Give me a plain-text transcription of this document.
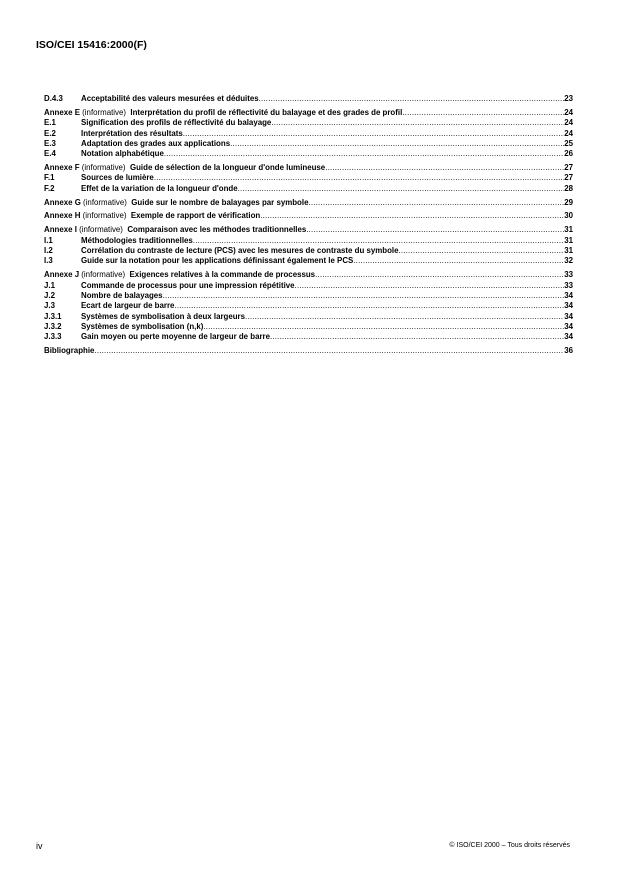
ISO/CEI 15416:2000(F)
D.4.3	Acceptabilité des valeurs mesurées et déduites .....	23
Annexe E (informative) Interprétation du profil de réflectivité du balayage et des grades de profil .....	24
E.1	Signification des profils de réflectivité du balayage .....	24
E.2	Interprétation des résultats .....	24
E.3	Adaptation des grades aux applications .....	25
E.4	Notation alphabétique .....	26
Annexe F (informative) Guide de sélection de la longueur d'onde lumineuse .....	27
F.1	Sources de lumière .....	27
F.2	Effet de la variation de la longueur d'onde .....	28
Annexe G (informative) Guide sur le nombre de balayages par symbole .....	29
Annexe H (informative) Exemple de rapport de vérification .....	30
Annexe I (informative) Comparaison avec les méthodes traditionnelles .....	31
I.1	Méthodologies traditionnelles .....	31
I.2	Corrélation du contraste de lecture (PCS) avec les mesures de contraste du symbole .....	31
I.3	Guide sur la notation pour les applications définissant également le PCS .....	32
Annexe J (informative) Exigences relatives à la commande de processus .....	33
J.1	Commande de processus pour une impression répétitive .....	33
J.2	Nombre de balayages .....	34
J.3	Ecart de largeur de barre .....	34
J.3.1	Systèmes de symbolisation à deux largeurs .....	34
J.3.2	Systèmes de symbolisation (n,k) .....	34
J.3.3	Gain moyen ou perte moyenne de largeur de barre .....	34
Bibliographie .....	36
iv	© ISO/CEI 2000 – Tous droits réservés
